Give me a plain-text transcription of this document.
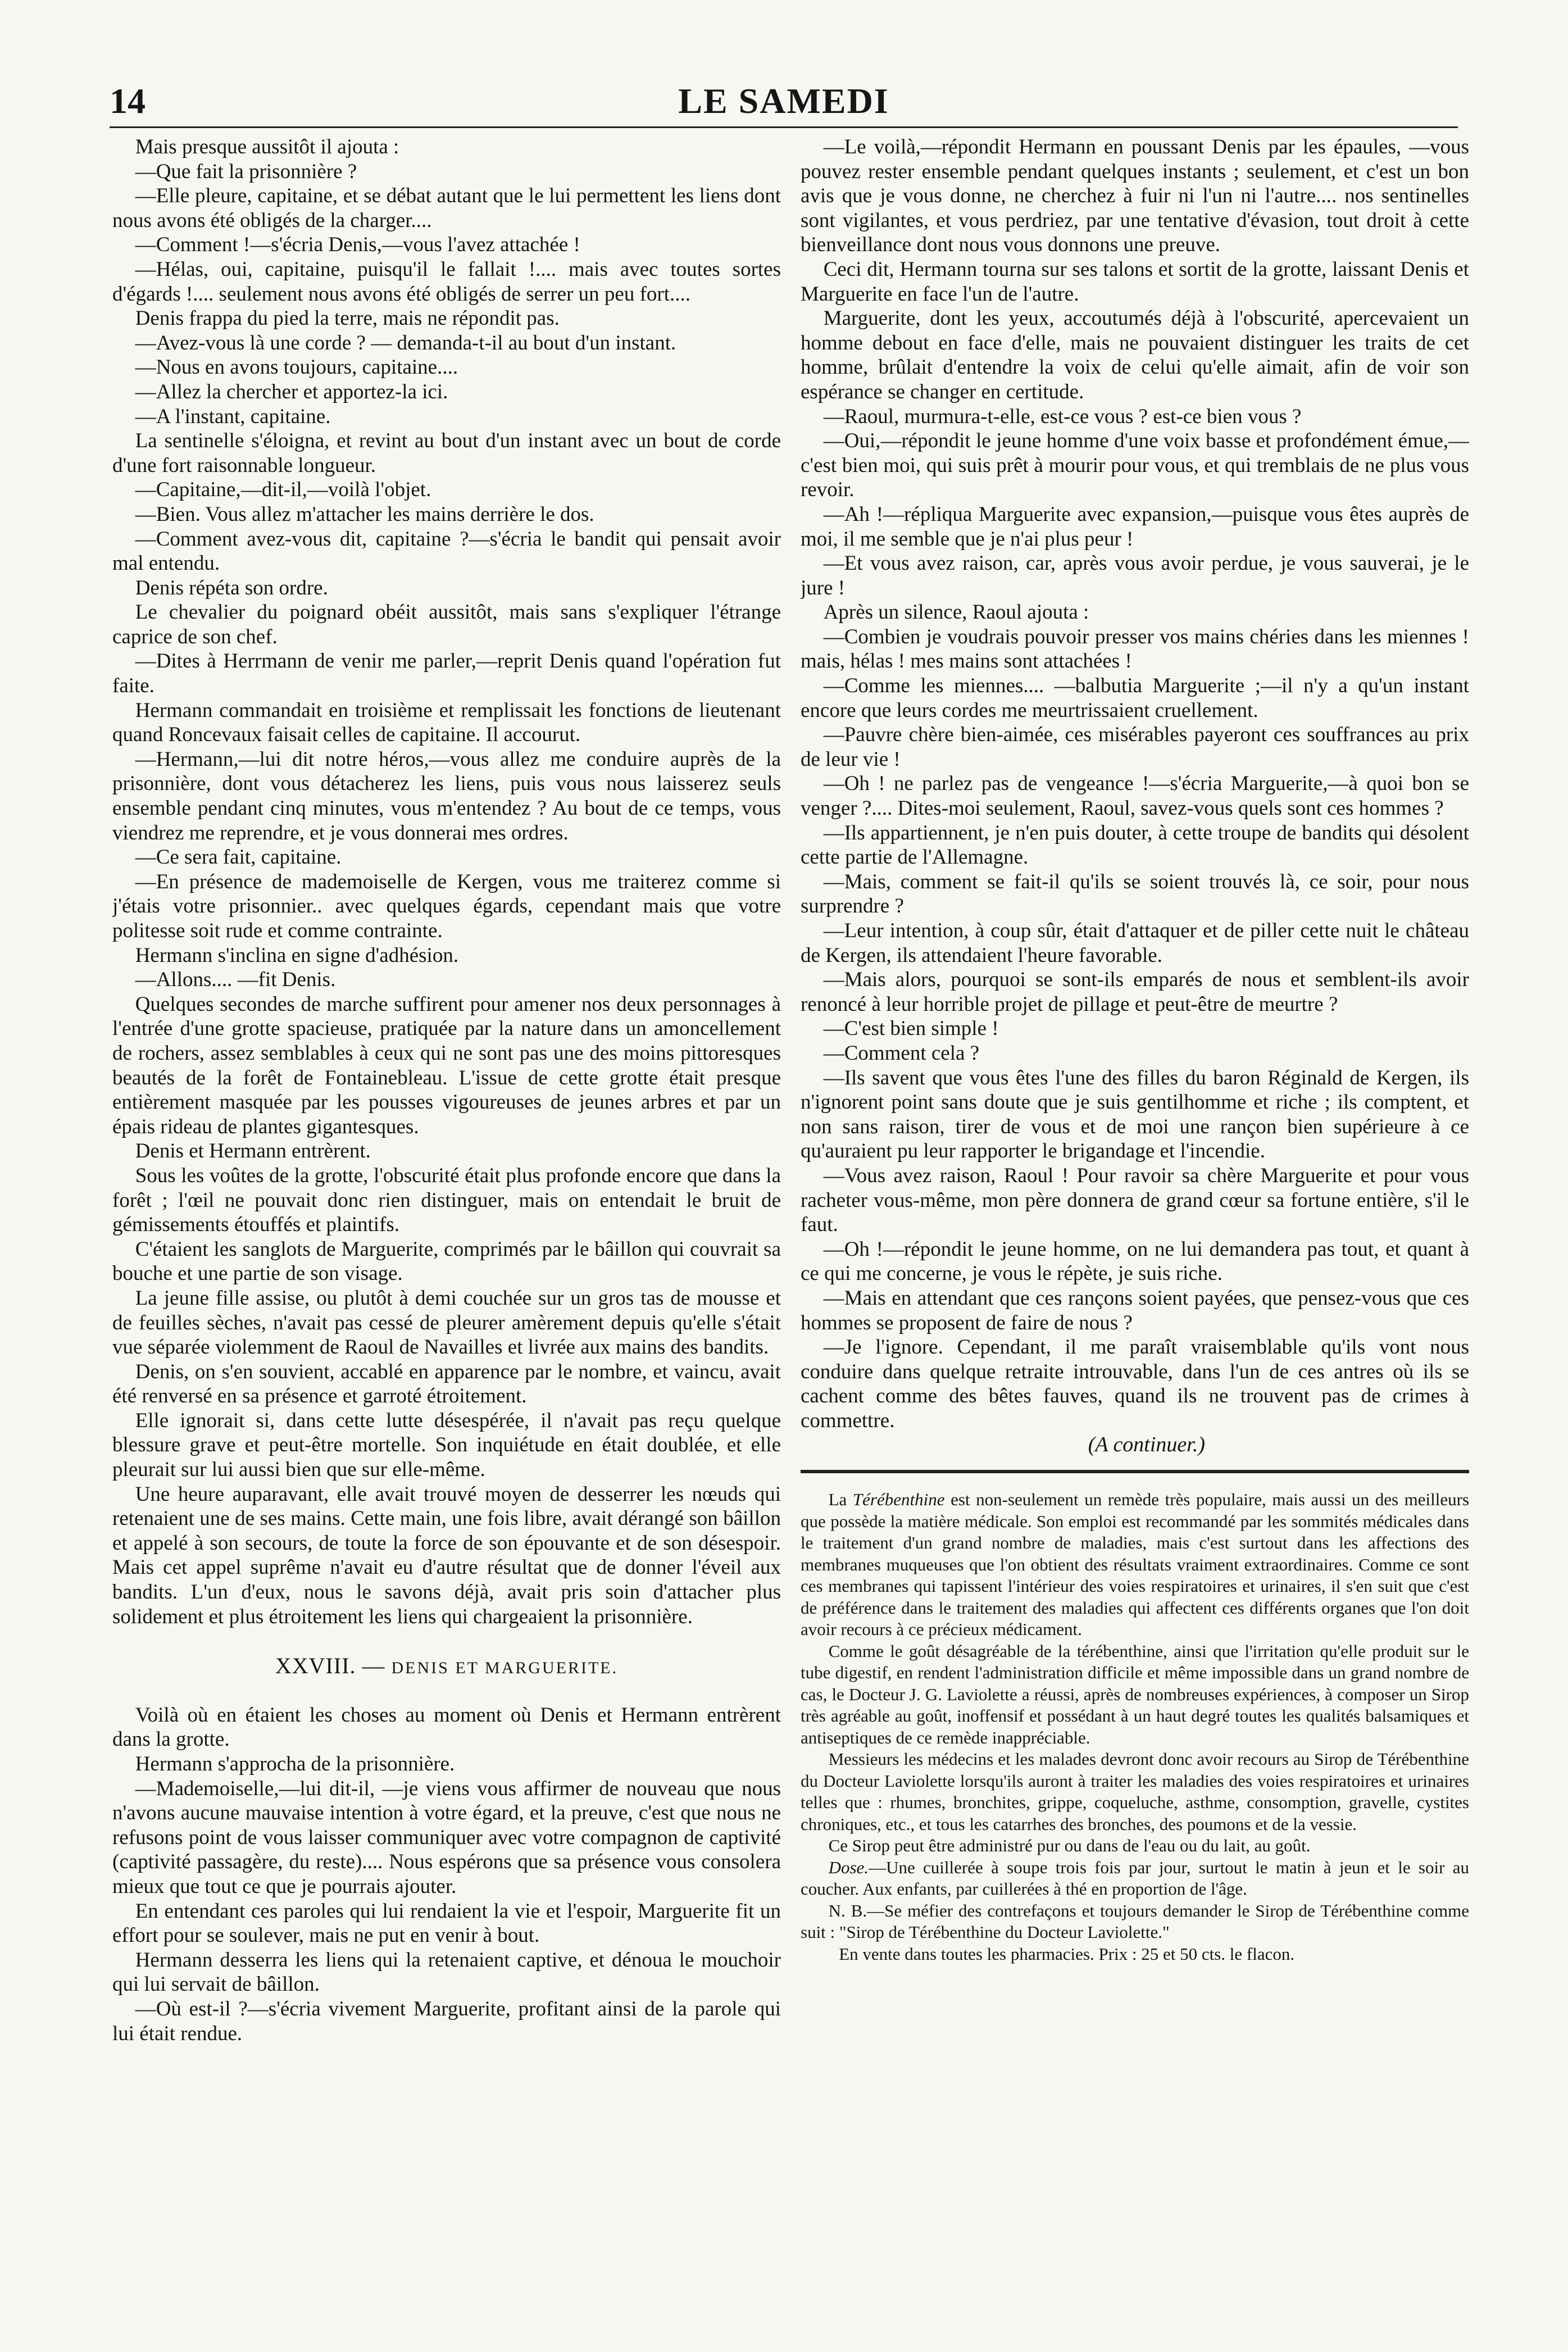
14	LE SAMEDI

Mais presque aussitôt il ajouta :

—Que fait la prisonnière ?

—Elle pleure, capitaine, et se débat autant que le lui permettent les liens dont nous avons été obligés de la charger....

—Comment !—s'écria Denis,—vous l'avez attachée !

—Hélas, oui, capitaine, puisqu'il le fallait !.... mais avec toutes sortes d'égards !.... seulement nous avons été obligés de serrer un peu fort....

Denis frappa du pied la terre, mais ne répondit pas.

—Avez-vous là une corde ? — demanda-t-il au bout d'un instant.

—Nous en avons toujours, capitaine....

—Allez la chercher et apportez-la ici.

—A l'instant, capitaine.

La sentinelle s'éloigna, et revint au bout d'un instant avec un bout de corde d'une fort raisonnable longueur.

—Capitaine,—dit-il,—voilà l'objet.

—Bien. Vous allez m'attacher les mains derrière le dos.

—Comment avez-vous dit, capitaine ?—s'écria le bandit qui pensait avoir mal entendu.

Denis répéta son ordre.

Le chevalier du poignard obéit aussitôt, mais sans s'expliquer l'étrange caprice de son chef.

—Dites à Herrmann de venir me parler,—reprit Denis quand l'opération fut faite.

Hermann commandait en troisième et remplissait les fonctions de lieutenant quand Roncevaux faisait celles de capitaine. Il accourut.

—Hermann,—lui dit notre héros,—vous allez me conduire auprès de la prisonnière, dont vous détacherez les liens, puis vous nous laisserez seuls ensemble pendant cinq minutes, vous m'entendez ? Au bout de ce temps, vous viendrez me reprendre, et je vous donnerai mes ordres.

—Ce sera fait, capitaine.

—En présence de mademoiselle de Kergen, vous me traiterez comme si j'étais votre prisonnier.. avec quelques égards, cependant mais que votre politesse soit rude et comme contrainte.

Hermann s'inclina en signe d'adhésion.

—Allons.... —fit Denis.

Quelques secondes de marche suffirent pour amener nos deux personnages à l'entrée d'une grotte spacieuse, pratiquée par la nature dans un amoncellement de rochers, assez semblables à ceux qui ne sont pas une des moins pittoresques beautés de la forêt de Fontainebleau. L'issue de cette grotte était presque entièrement masquée par les pousses vigoureuses de jeunes arbres et par un épais rideau de plantes gigantesques.

Denis et Hermann entrèrent.

Sous les voûtes de la grotte, l'obscurité était plus profonde encore que dans la forêt ; l'œil ne pouvait donc rien distinguer, mais on entendait le bruit de gémissements étouffés et plaintifs.

C'étaient les sanglots de Marguerite, comprimés par le bâillon qui couvrait sa bouche et une partie de son visage.

La jeune fille assise, ou plutôt à demi couchée sur un gros tas de mousse et de feuilles sèches, n'avait pas cessé de pleurer amèrement depuis qu'elle s'était vue séparée violemment de Raoul de Navailles et livrée aux mains des bandits.

Denis, on s'en souvient, accablé en apparence par le nombre, et vaincu, avait été renversé en sa présence et garroté étroitement.

Elle ignorait si, dans cette lutte désespérée, il n'avait pas reçu quelque blessure grave et peut-être mortelle. Son inquiétude en était doublée, et elle pleurait sur lui aussi bien que sur elle-même.

Une heure auparavant, elle avait trouvé moyen de desserrer les nœuds qui retenaient une de ses mains. Cette main, une fois libre, avait dérangé son bâillon et appelé à son secours, de toute la force de son épouvante et de son désespoir. Mais cet appel suprême n'avait eu d'autre résultat que de donner l'éveil aux bandits. L'un d'eux, nous le savons déjà, avait pris soin d'attacher plus solidement et plus étroitement les liens qui chargeaient la prisonnière.

XXVIII. — DENIS ET MARGUERITE.

Voilà où en étaient les choses au moment où Denis et Hermann entrèrent dans la grotte.

Hermann s'approcha de la prisonnière.

—Mademoiselle,—lui dit-il, —je viens vous affirmer de nouveau que nous n'avons aucune mauvaise intention à votre égard, et la preuve, c'est que nous ne refusons point de vous laisser communiquer avec votre compagnon de captivité (captivité passagère, du reste).... Nous espérons que sa présence vous consolera mieux que tout ce que je pourrais ajouter.

En entendant ces paroles qui lui rendaient la vie et l'espoir, Marguerite fit un effort pour se soulever, mais ne put en venir à bout.

Hermann desserra les liens qui la retenaient captive, et dénoua le mouchoir qui lui servait de bâillon.

—Où est-il ?—s'écria vivement Marguerite, profitant ainsi de la parole qui lui était rendue.

—Le voilà,—répondit Hermann en poussant Denis par les épaules, —vous pouvez rester ensemble pendant quelques instants ; seulement, et c'est un bon avis que je vous donne, ne cherchez à fuir ni l'un ni l'autre.... nos sentinelles sont vigilantes, et vous perdriez, par une tentative d'évasion, tout droit à cette bienveillance dont nous vous donnons une preuve.

Ceci dit, Hermann tourna sur ses talons et sortit de la grotte, laissant Denis et Marguerite en face l'un de l'autre.

Marguerite, dont les yeux, accoutumés déjà à l'obscurité, apercevaient un homme debout en face d'elle, mais ne pouvaient distinguer les traits de cet homme, brûlait d'entendre la voix de celui qu'elle aimait, afin de voir son espérance se changer en certitude.

—Raoul, murmura-t-elle, est-ce vous ? est-ce bien vous ?

—Oui,—répondit le jeune homme d'une voix basse et profondément émue,—c'est bien moi, qui suis prêt à mourir pour vous, et qui tremblais de ne plus vous revoir.

—Ah !—répliqua Marguerite avec expansion,—puisque vous êtes auprès de moi, il me semble que je n'ai plus peur !

—Et vous avez raison, car, après vous avoir perdue, je vous sauverai, je le jure !

Après un silence, Raoul ajouta :

—Combien je voudrais pouvoir presser vos mains chéries dans les miennes ! mais, hélas ! mes mains sont attachées !

—Comme les miennes.... —balbutia Marguerite ;—il n'y a qu'un instant encore que leurs cordes me meurtrissaient cruellement.

—Pauvre chère bien-aimée, ces misérables payeront ces souffrances au prix de leur vie !

—Oh ! ne parlez pas de vengeance !—s'écria Marguerite,—à quoi bon se venger ?.... Dites-moi seulement, Raoul, savez-vous quels sont ces hommes ?

—Ils appartiennent, je n'en puis douter, à cette troupe de bandits qui désolent cette partie de l'Allemagne.

—Mais, comment se fait-il qu'ils se soient trouvés là, ce soir, pour nous surprendre ?

—Leur intention, à coup sûr, était d'attaquer et de piller cette nuit le château de Kergen, ils attendaient l'heure favorable.

—Mais alors, pourquoi se sont-ils emparés de nous et semblent-ils avoir renoncé à leur horrible projet de pillage et peut-être de meurtre ?

—C'est bien simple !

—Comment cela ?

—Ils savent que vous êtes l'une des filles du baron Réginald de Kergen, ils n'ignorent point sans doute que je suis gentilhomme et riche ; ils comptent, et non sans raison, tirer de vous et de moi une rançon bien supérieure à ce qu'auraient pu leur rapporter le brigandage et l'incendie.

—Vous avez raison, Raoul ! Pour ravoir sa chère Marguerite et pour vous racheter vous-même, mon père donnera de grand cœur sa fortune entière, s'il le faut.

—Oh !—répondit le jeune homme, on ne lui demandera pas tout, et quant à ce qui me concerne, je vous le répète, je suis riche.

—Mais en attendant que ces rançons soient payées, que pensez-vous que ces hommes se proposent de faire de nous ?

—Je l'ignore. Cependant, il me paraît vraisemblable qu'ils vont nous conduire dans quelque retraite introuvable, dans l'un de ces antres où ils se cachent comme des bêtes fauves, quand ils ne trouvent pas de crimes à commettre.

(A continuer.)

La Térébenthine est non-seulement un remède très populaire, mais aussi un des meilleurs que possède la matière médicale. Son emploi est recommandé par les sommités médicales dans le traitement d'un grand nombre de maladies, mais c'est surtout dans les affections des membranes muqueuses que l'on obtient des résultats vraiment extraordinaires. Comme ce sont ces membranes qui tapissent l'intérieur des voies respiratoires et urinaires, il s'en suit que c'est de préférence dans le traitement des maladies qui affectent ces différents organes que l'on doit avoir recours à ce précieux médicament.

Comme le goût désagréable de la térébenthine, ainsi que l'irritation qu'elle produit sur le tube digestif, en rendent l'administration difficile et même impossible dans un grand nombre de cas, le Docteur J. G. Laviolette a réussi, après de nombreuses expériences, à composer un Sirop très agréable au goût, inoffensif et possédant à un haut degré toutes les qualités balsamiques et antiseptiques de ce remède inappréciable.

Messieurs les médecins et les malades devront donc avoir recours au Sirop de Térébenthine du Docteur Laviolette lorsqu'ils auront à traiter les maladies des voies respiratoires et urinaires telles que : rhumes, bronchites, grippe, coqueluche, asthme, consomption, gravelle, cystites chroniques, etc., et tous les catarrhes des bronches, des poumons et de la vessie.

Ce Sirop peut être administré pur ou dans de l'eau ou du lait, au goût.

Dose.—Une cuillerée à soupe trois fois par jour, surtout le matin à jeun et le soir au coucher. Aux enfants, par cuillerées à thé en proportion de l'âge.

N. B.—Se méfier des contrefaçons et toujours demander le Sirop de Térébenthine comme suit : "Sirop de Térébenthine du Docteur Laviolette."

En vente dans toutes les pharmacies. Prix : 25 et 50 cts. le flacon.
